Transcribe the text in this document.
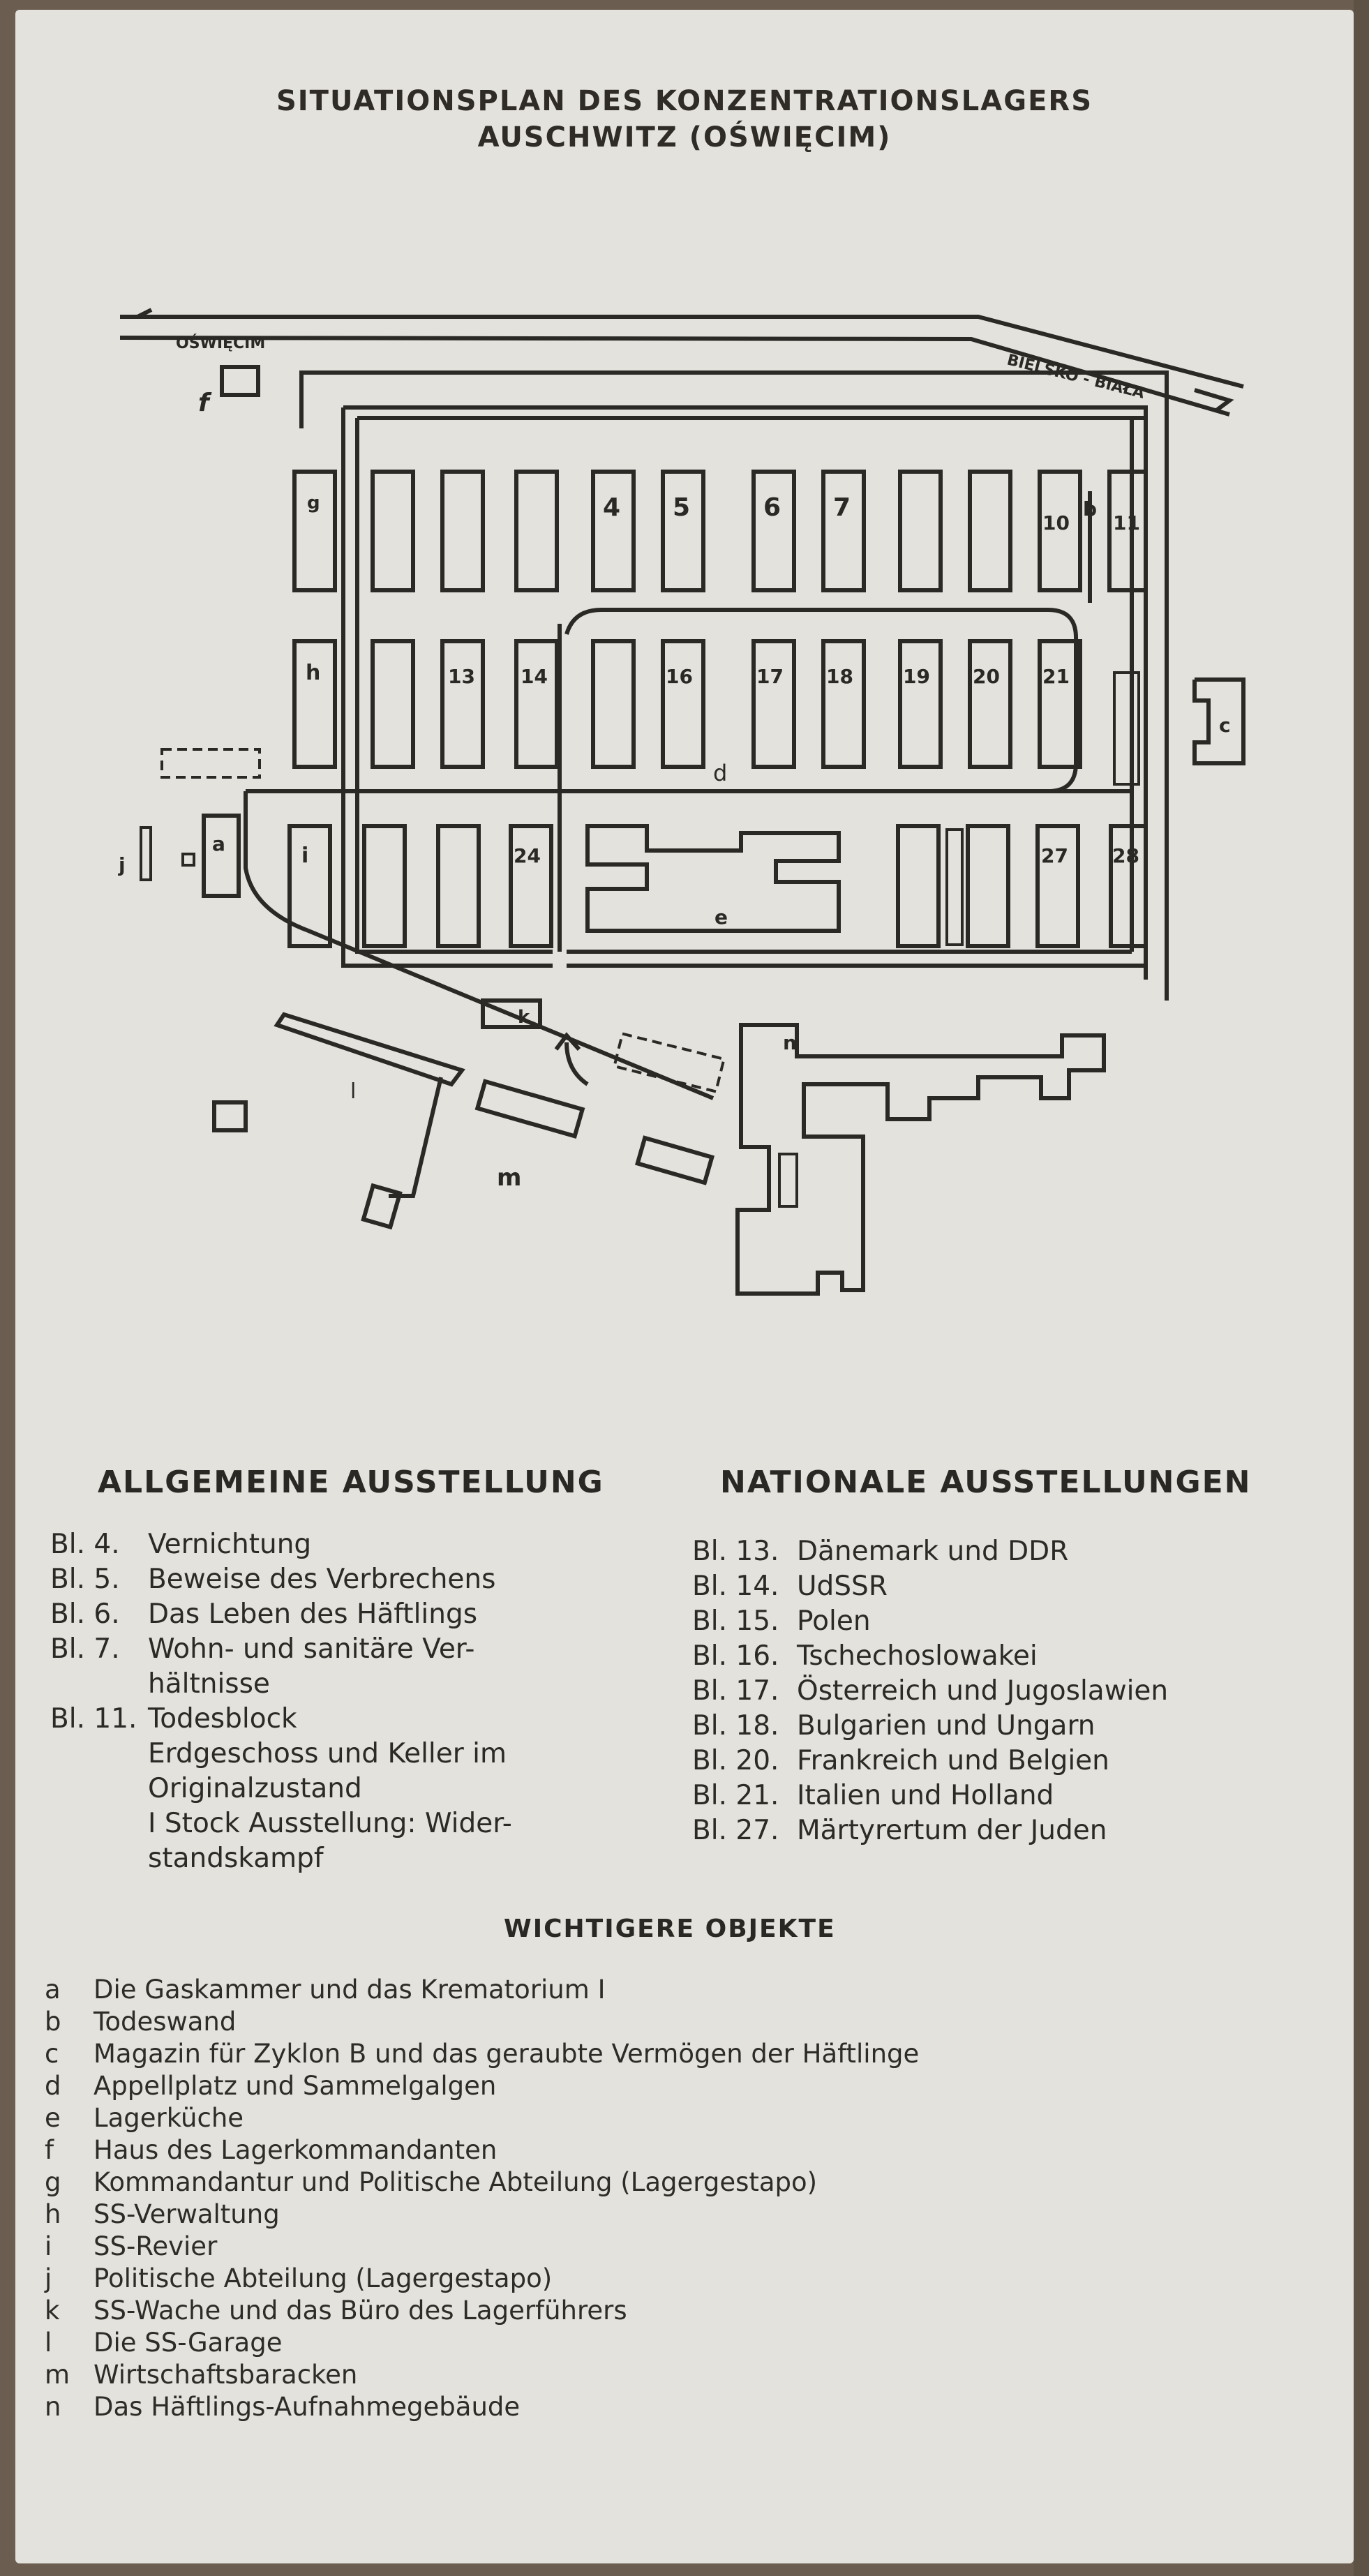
SITUATIONSPLAN DES KONZENTRATIONSLAGERS
AUSCHWITZ (OŚWIĘCIM)
OŚWIĘCIM
BIELSKO - BIAŁA
f
g	4 5	6 7
10
b
11
h	13 14	16	17 18	19 20 21
c
d
a
j	i	24
e
27 28
k
n
l
m
ALLGEMEINE AUSSTELLUNG	NATIONALE AUSSTELLUNGEN
Bl. 4. Vernichtung
Bl. 5. Beweise des Verbrechens
Bl. 6. Das Leben des Häftlings
Bl. 7. Wohn- und sanitäre Ver-
hältnisse
Bl. 11. Todesblock
Erdgeschoss und Keller im
Originalzustand
I Stock Ausstellung: Wider-
standskampf
Bl. 13. Dänemark und DDR
Bl. 14. UdSSR
Bl. 15. Polen
Bl. 16. Tschechoslowakei
Bl. 17. Österreich und Jugoslawien
Bl. 18. Bulgarien und Ungarn
Bl. 20. Frankreich und Belgien
Bl. 21. Italien und Holland
Bl. 27. Märtyrertum der Juden
WICHTIGERE OBJEKTE
a Die Gaskammer und das Krematorium I
b Todeswand
c Magazin für Zyklon B und das geraubte Vermögen der Häftlinge
d Appellplatz und Sammelgalgen
e Lagerküche
f Haus des Lagerkommandanten
g Kommandantur und Politische Abteilung (Lagergestapo)
h SS-Verwaltung
i SS-Revier
j Politische Abteilung (Lagergestapo)
k SS-Wache und das Büro des Lagerführers
l Die SS-Garage
m Wirtschaftsbaracken
n Das Häftlings-Aufnahmegebäude
